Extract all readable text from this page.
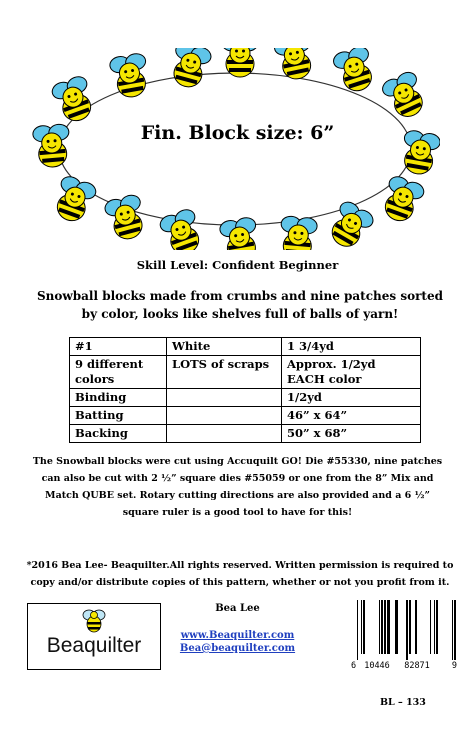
Fin. Block size: 6”
Skill Level: Confident Beginner
Snowball blocks made from crumbs and nine patches sorted by color, looks like shelves full of balls of yarn!
#1	White	1 3/4yd
9 different colors	LOTS of scraps	Approx. 1/2yd EACH color
Binding		1/2yd
Batting		46” x 64”
Backing		50” x 68”
The Snowball blocks were cut using Accuquilt GO! Die #55330, nine patches can also be cut with 2 ½” square dies #55059 or one from the 8” Mix and Match QUBE set. Rotary cutting directions are also provided and a 6 ½” square ruler is a good tool to have for this!
*2016 Bea Lee- Beaquilter.All rights reserved. Written permission is required to copy and/or distribute copies of this pattern, whether or not you profit from it.
Beaquilter
Bea Lee
www.Beaquilter.com
Bea@beaquilter.com
6 10446 82871	9
BL – 133
